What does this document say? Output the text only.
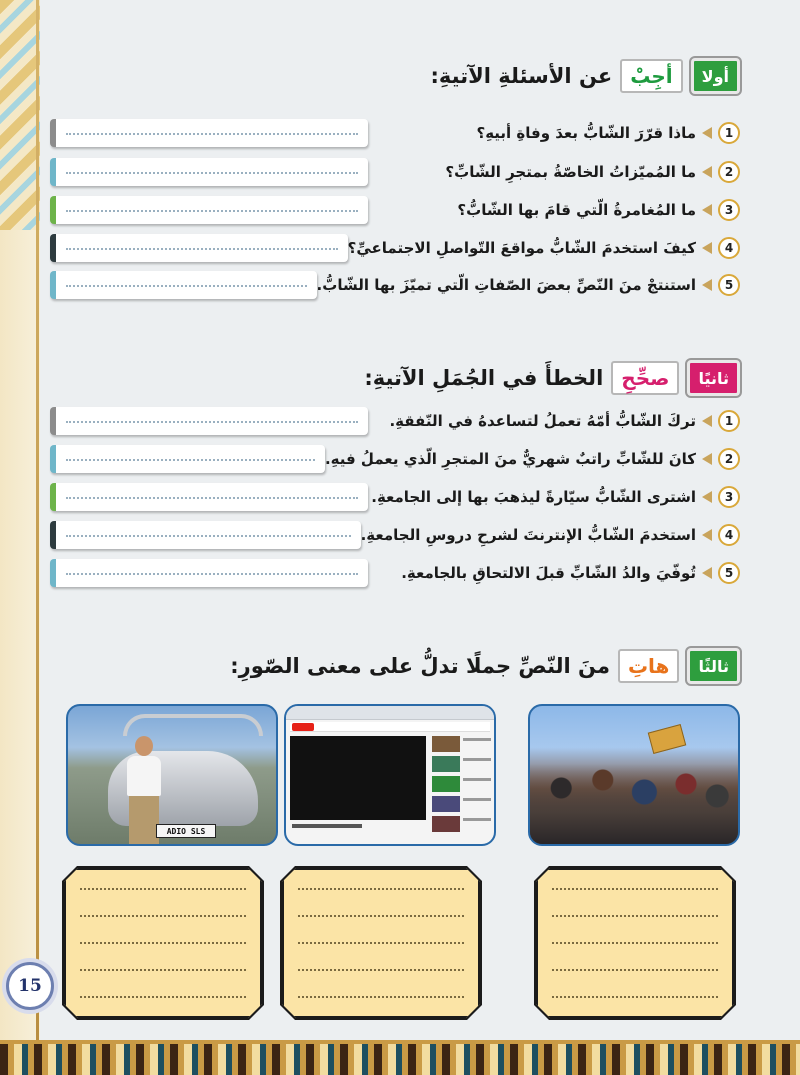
15
أولا
أجِبْ
عن الأسئلةِ الآتيةِ:
1
ماذا قرّرَ الشّابُّ بعدَ وفاةِ أبيهِ؟
2
ما المُميّزاتُ الخاصّةُ بمتجرِ الشّابِّ؟
3
ما المُغامرةُ الّتي قامَ بها الشّابُّ؟
4
كيفَ استخدمَ الشّابُّ مواقعَ التّواصلِ الاجتماعيِّ؟
5
استنتجْ منَ النّصِّ بعضَ الصّفاتِ الّتي تميّزَ بها الشّابُّ.
ثانيًا
صحِّحِ
الخطأَ في الجُمَلِ الآتيةِ:
1
تركَ الشّابُّ أمّهُ تعملُ لتساعدهُ في النّفقةِ.
2
كانَ للشّابِّ راتبٌ شهريٌّ منَ المتجرِ الّذي يعملُ فيهِ.
3
اشترى الشّابُّ سيّارةً ليذهبَ بها إلى الجامعةِ.
4
استخدمَ الشّابُّ الإنترنتَ لشرحِ دروسِ الجامعةِ.
5
تُوفّيَ والدُ الشّابِّ قبلَ الالتحاقِ بالجامعةِ.
ثالثًا
هاتِ
منَ النّصِّ جملًا تدلُّ على معنى الصّورِ:
ADIO SLS
